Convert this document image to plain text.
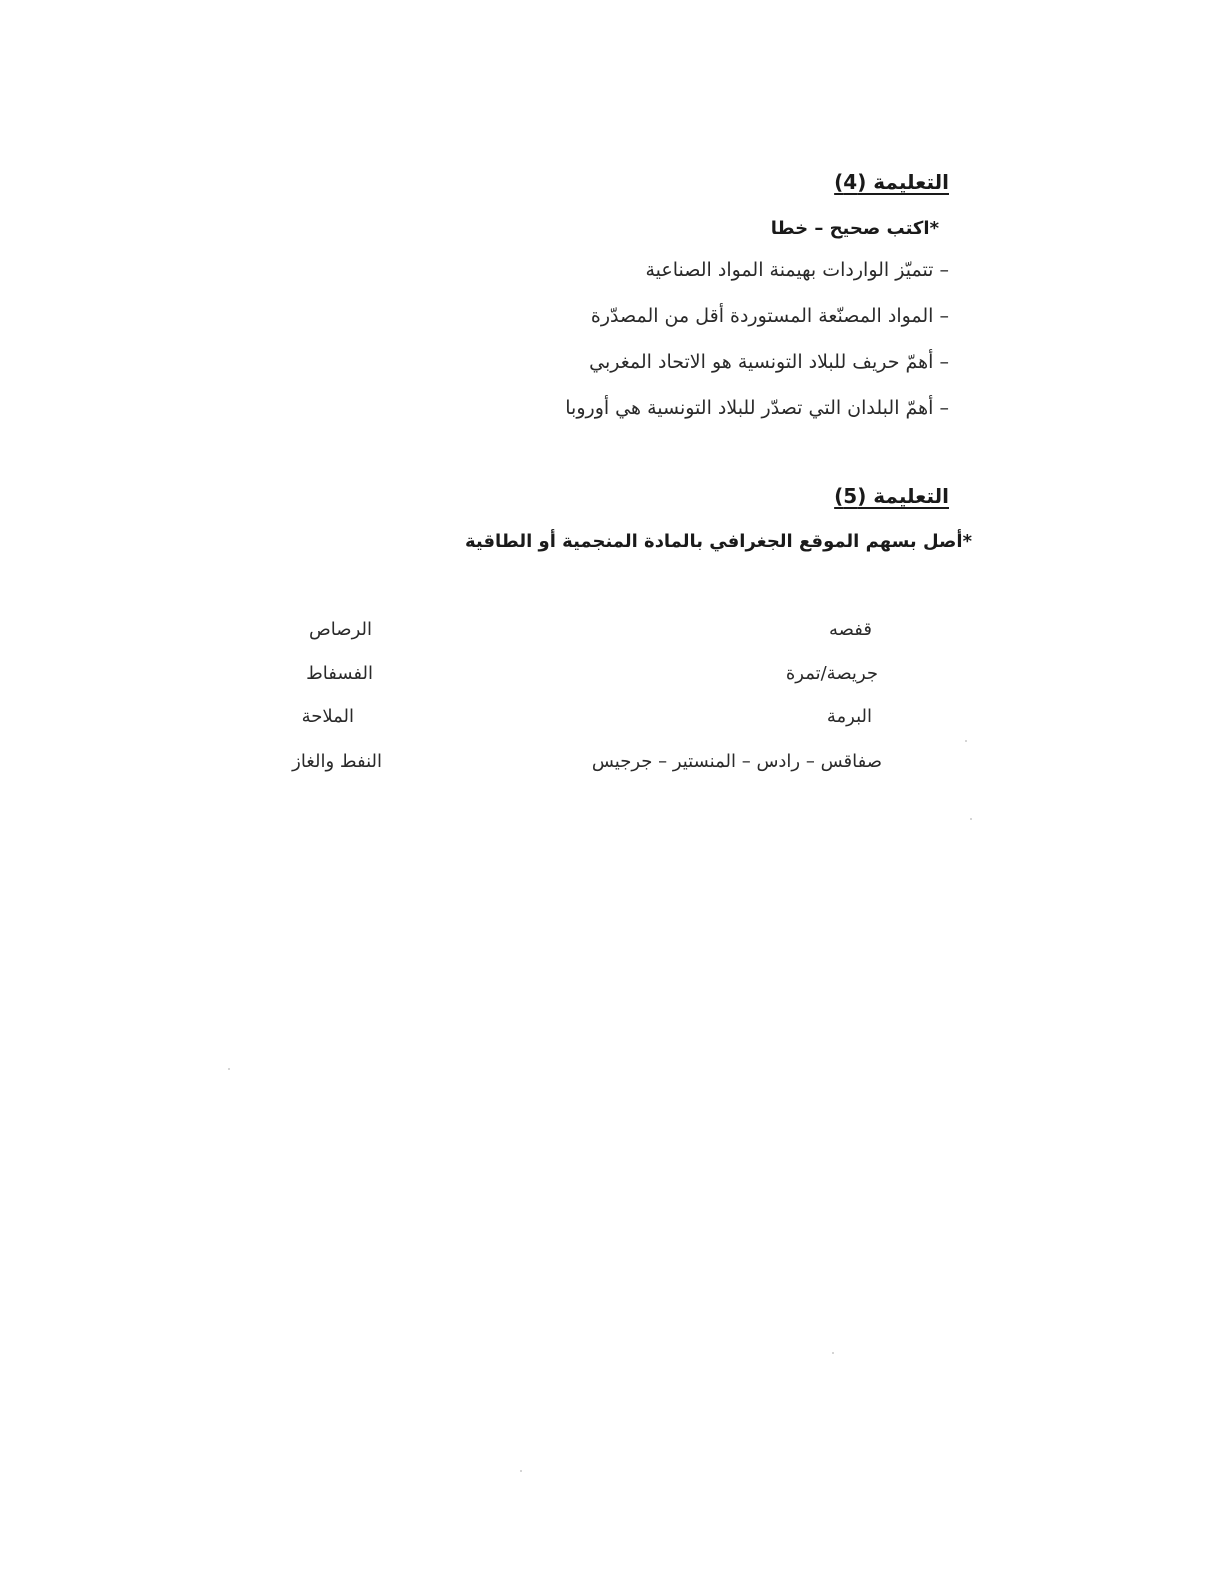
التعليمة (4)
*اكتب صحيح – خطا
– تتميّز الواردات بهيمنة المواد الصناعية
– المواد المصنّعة المستوردة أقل من المصدّرة
– أهمّ حريف للبلاد التونسية هو الاتحاد المغربي
– أهمّ البلدان التي تصدّر للبلاد التونسية هي أوروبا
التعليمة (5)
*أصل بسهم الموقع الجغرافي بالمادة المنجمية أو الطاقية
قفصه
جريصة/تمرة
البرمة
صفاقس – رادس – المنستير – جرجيس
الرصاص
الفسفاط
الملاحة
النفط والغاز
